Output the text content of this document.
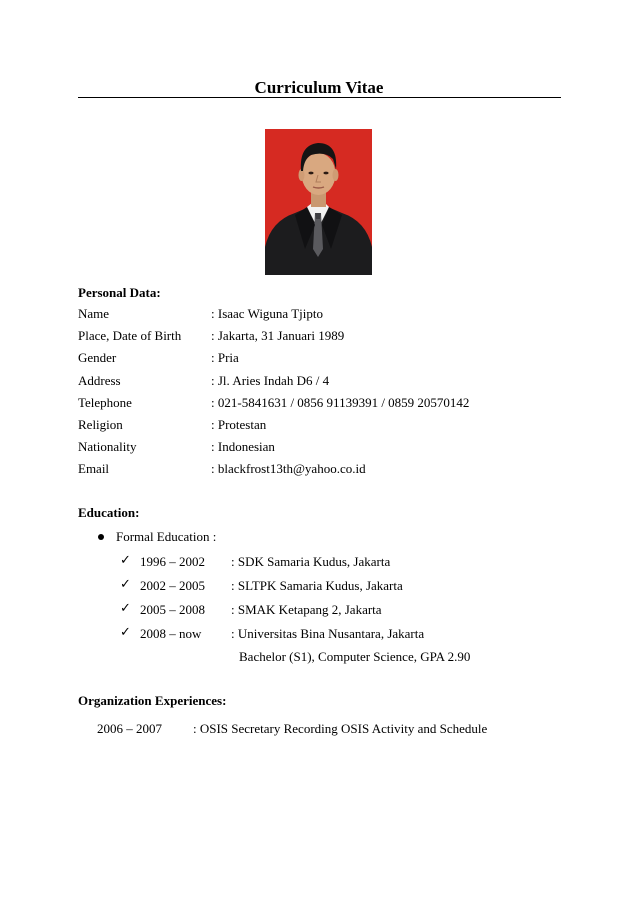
Curriculum Vitae
Personal Data:
Name	: Isaac Wiguna Tjipto
Place, Date of Birth : Jakarta, 31 Januari 1989
Gender	: Pria
Address	: Jl. Aries Indah D6 / 4
Telephone	: 021-5841631 / 0856 91139391 / 0859 20570142
Religion	: Protestan
Nationality	: Indonesian
Email	: blackfrost13th@yahoo.co.id
Education:
Formal Education :
✓ 1996 – 2002 : SDK Samaria Kudus, Jakarta
✓ 2002 – 2005 : SLTPK Samaria Kudus, Jakarta
✓ 2005 – 2008 : SMAK Ketapang 2, Jakarta
✓ 2008 – now : Universitas Bina Nusantara, Jakarta
Bachelor (S1), Computer Science, GPA 2.90
Organization Experiences:
2006 – 2007 : OSIS Secretary Recording OSIS Activity and Schedule
